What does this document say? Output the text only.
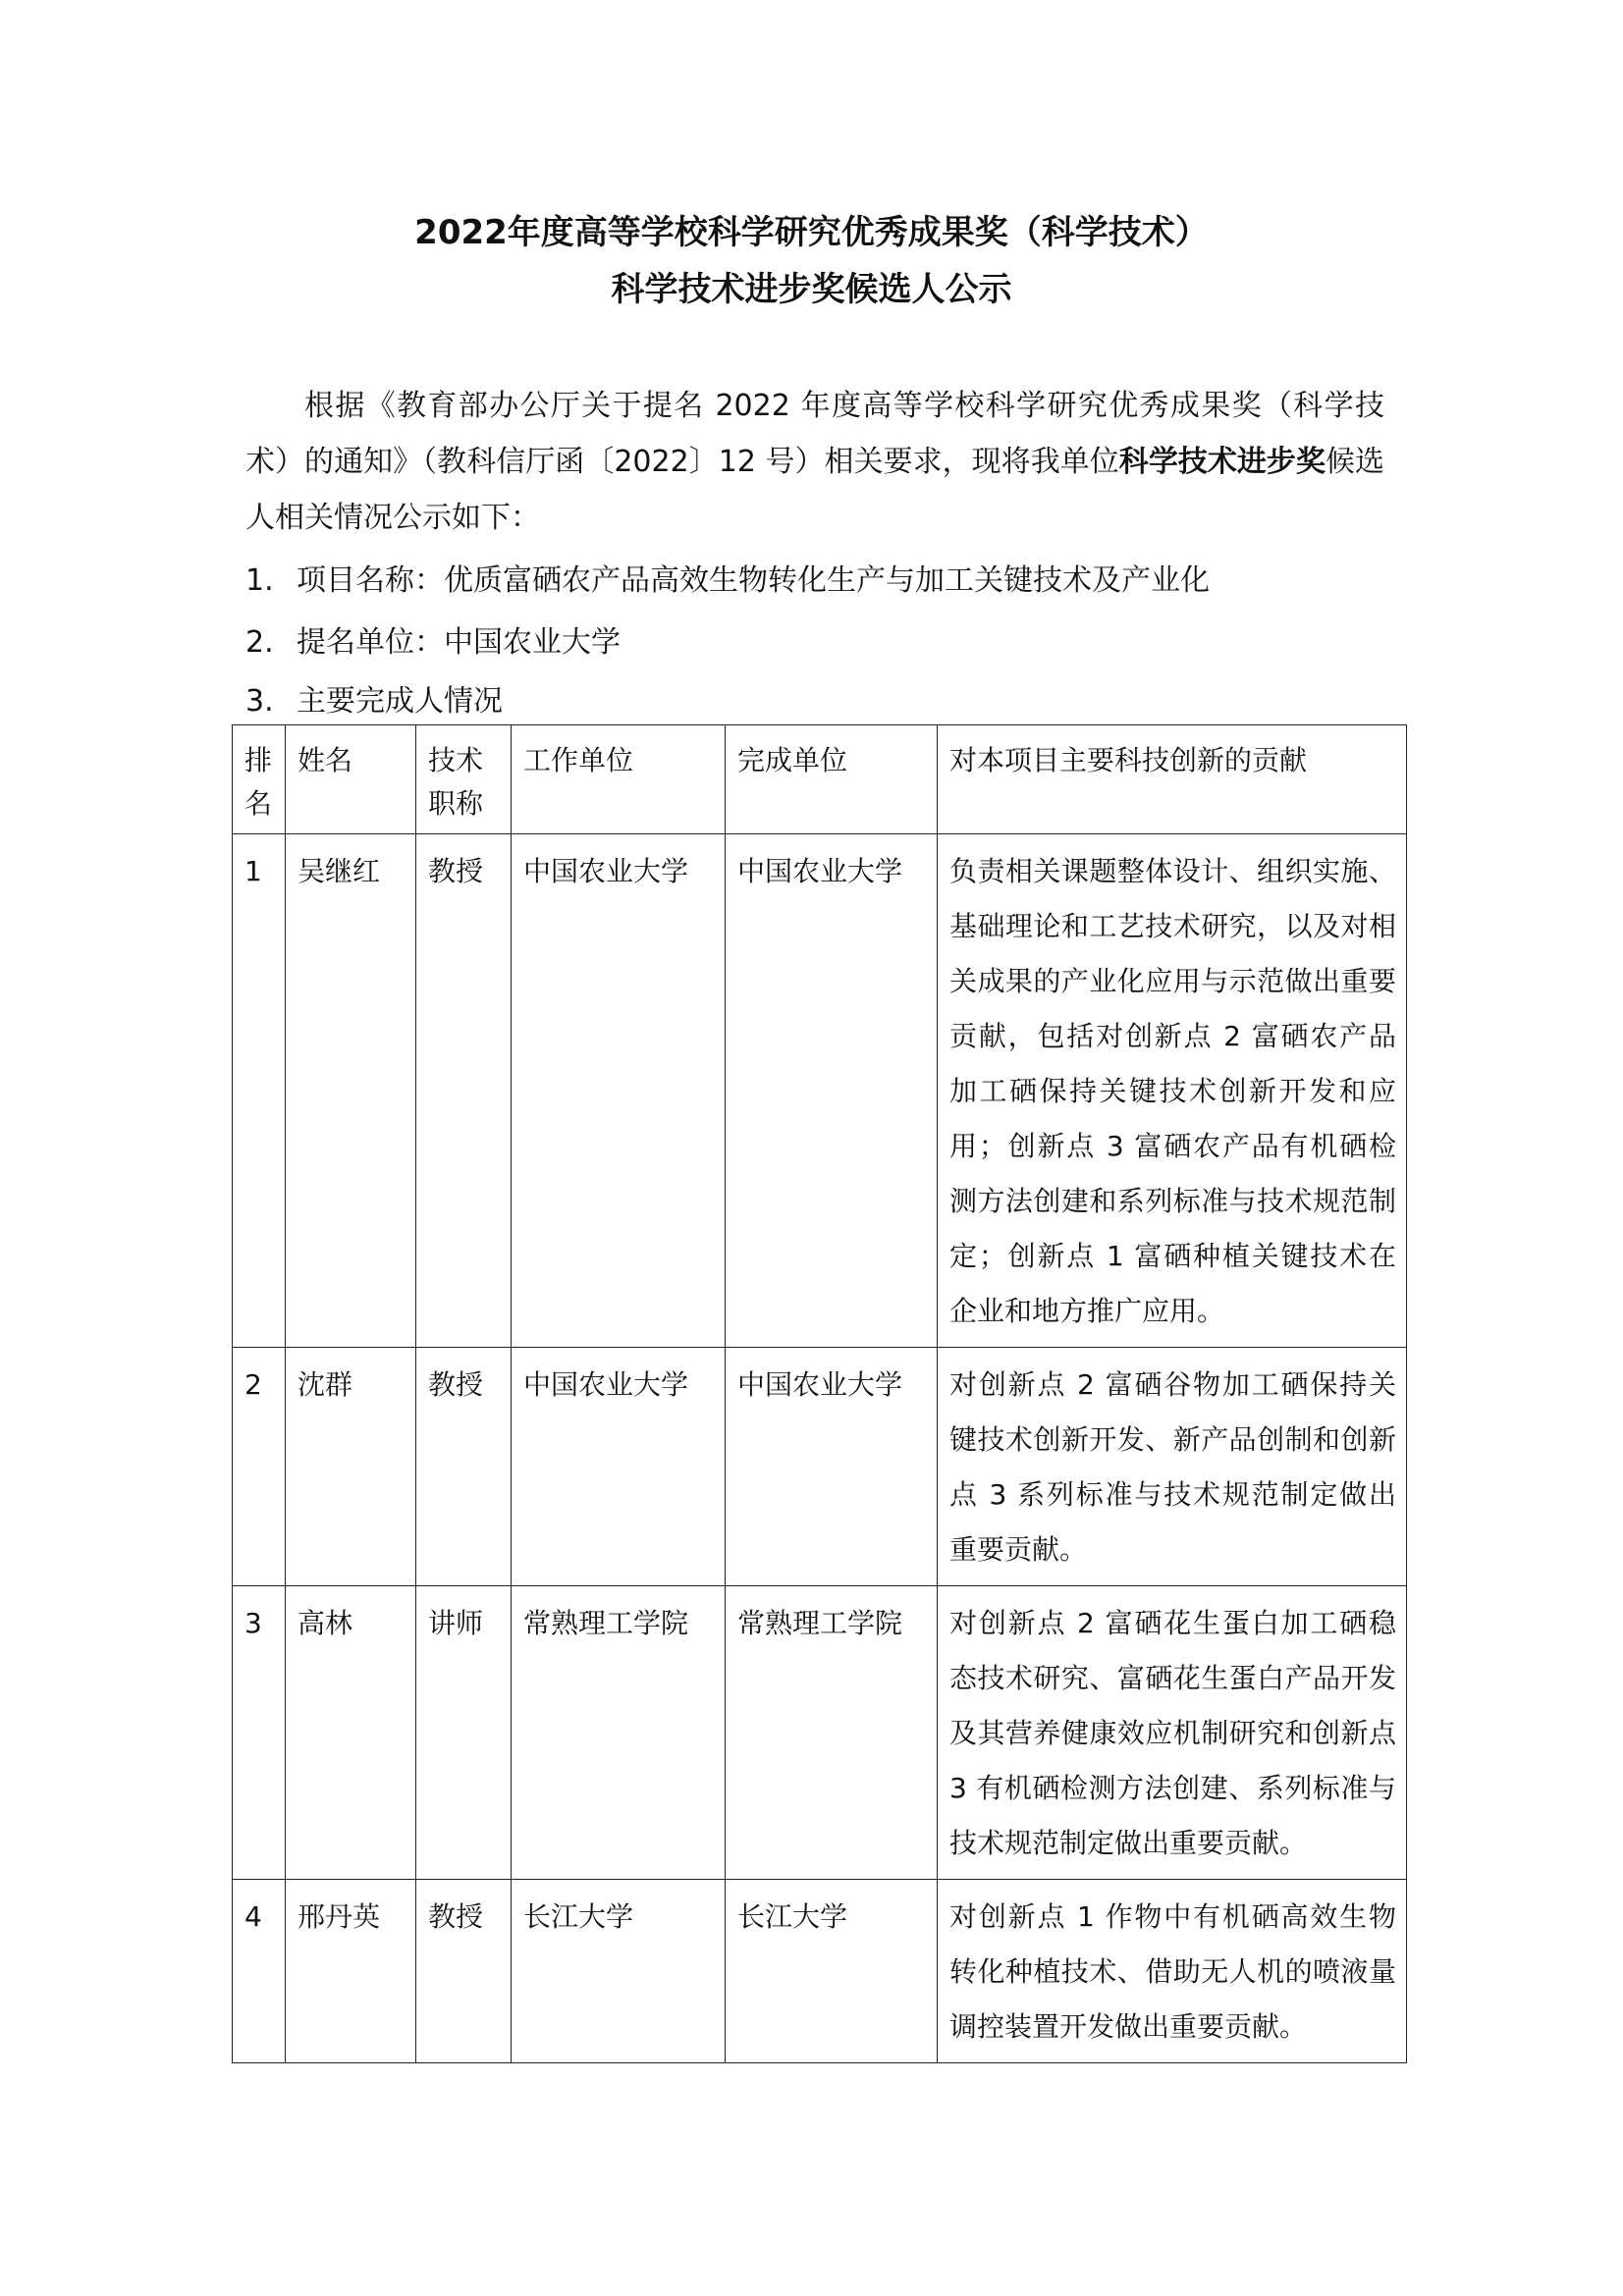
2022年度高等学校科学研究优秀成果奖（科学技术）
科学技术进步奖候选人公示

根据《教育部办公厅关于提名 2022 年度高等学校科学研究优秀成果奖（科学技术）的通知》（教科信厅函〔2022〕12 号）相关要求，现将我单位科学技术进步奖候选人相关情况公示如下：

1. 项目名称：优质富硒农产品高效生物转化生产与加工关键技术及产业化

2. 提名单位：中国农业大学

3. 主要完成人情况

排名	姓名	技术职称	工作单位	完成单位	对本项目主要科技创新的贡献
1	吴继红	教授	中国农业大学	中国农业大学	负责相关课题整体设计、组织实施、基础理论和工艺技术研究，以及对相关成果的产业化应用与示范做出重要贡献，包括对创新点 2 富硒农产品加工硒保持关键技术创新开发和应用；创新点 3 富硒农产品有机硒检测方法创建和系列标准与技术规范制定；创新点 1 富硒种植关键技术在企业和地方推广应用。
2	沈群	教授	中国农业大学	中国农业大学	对创新点 2 富硒谷物加工硒保持关键技术创新开发、新产品创制和创新点 3 系列标准与技术规范制定做出重要贡献。
3	高林	讲师	常熟理工学院	常熟理工学院	对创新点 2 富硒花生蛋白加工硒稳态技术研究、富硒花生蛋白产品开发及其营养健康效应机制研究和创新点 3 有机硒检测方法创建、系列标准与技术规范制定做出重要贡献。
4	邢丹英	教授	长江大学	长江大学	对创新点 1 作物中有机硒高效生物转化种植技术、借助无人机的喷液量调控装置开发做出重要贡献。
